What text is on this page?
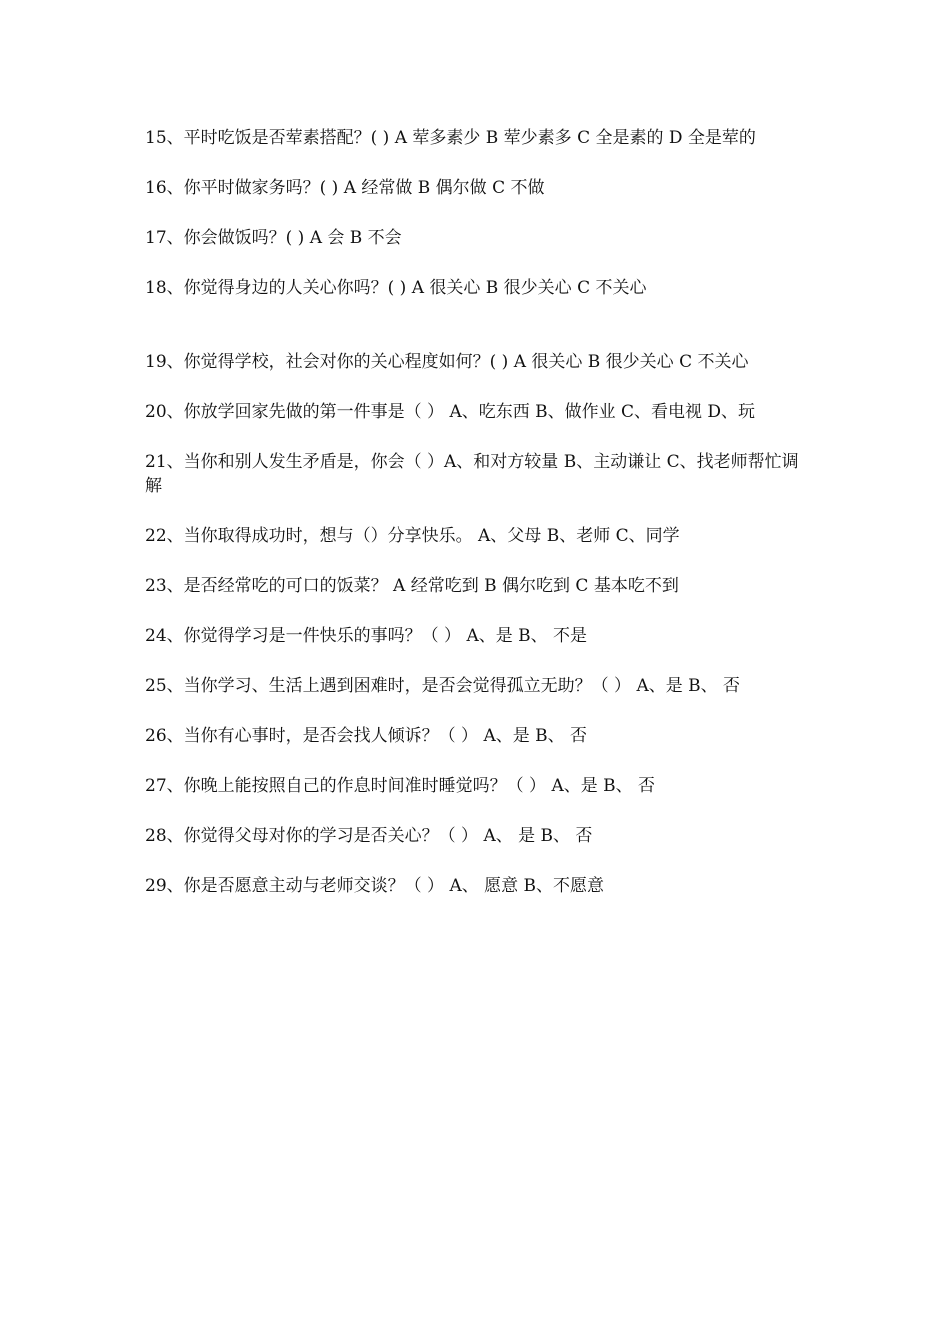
15、平时吃饭是否荤素搭配？( ) A 荤多素少 B 荤少素多 C 全是素的 D 全是荤的
16、你平时做家务吗？( ) A 经常做 B 偶尔做 C 不做
17、你会做饭吗？( ) A 会 B 不会
18、你觉得身边的人关心你吗？( ) A 很关心 B 很少关心 C 不关心
19、你觉得学校，社会对你的关心程度如何？( ) A 很关心 B 很少关心 C 不关心
20、你放学回家先做的第一件事是（ ） A、吃东西 B、做作业 C、看电视 D、玩
21、当你和别人发生矛盾是，你会（ ）A、和对方较量 B、主动谦让 C、找老师帮忙调解
22、当你取得成功时，想与（）分享快乐。 A、父母 B、老师 C、同学
23、是否经常吃的可口的饭菜？ A 经常吃到 B 偶尔吃到 C 基本吃不到
24、你觉得学习是一件快乐的事吗？（ ） A、是 B、 不是
25、当你学习、生活上遇到困难时，是否会觉得孤立无助？（ ） A、是 B、 否
26、当你有心事时，是否会找人倾诉？（ ） A、是 B、 否
27、你晚上能按照自己的作息时间准时睡觉吗？（ ） A、是 B、 否
28、你觉得父母对你的学习是否关心？（ ） A、 是 B、 否
29、你是否愿意主动与老师交谈？（ ） A、 愿意 B、不愿意
